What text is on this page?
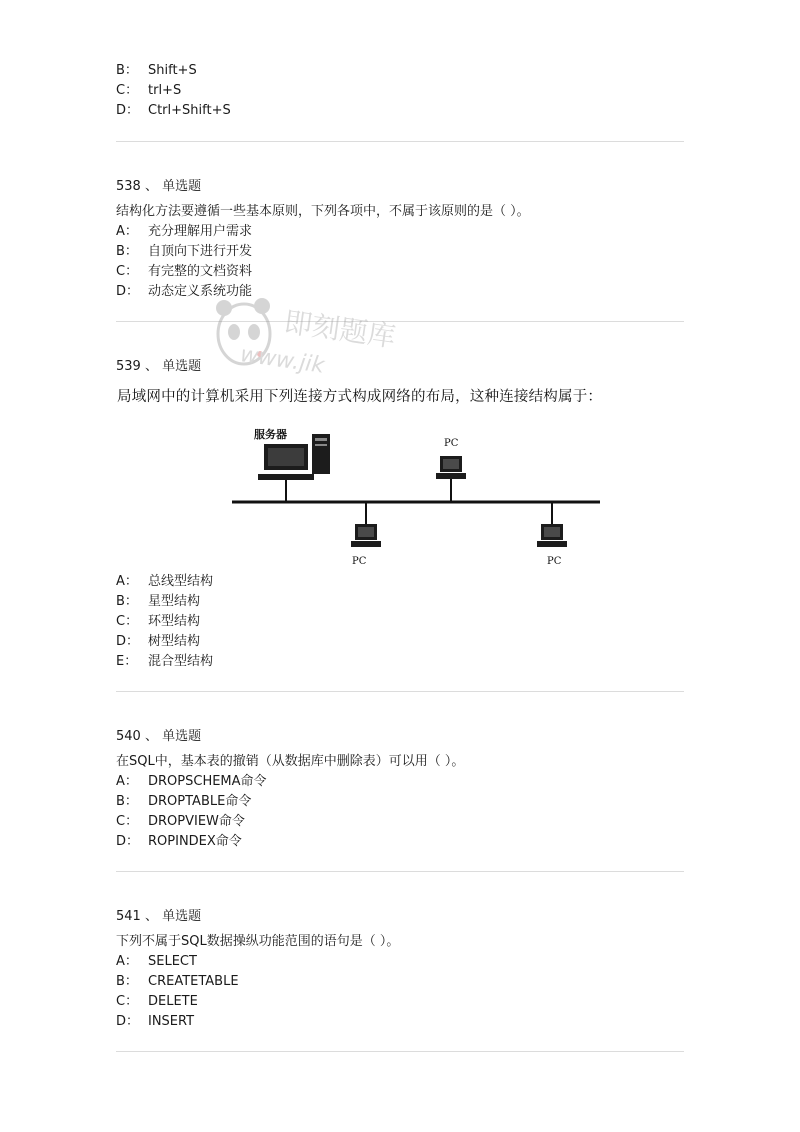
B： Shift+S
C： trl+S
D： Ctrl+Shift+S
538 、 单选题
结构化方法要遵循一些基本原则，下列各项中，不属于该原则的是（ ）。
A： 充分理解用户需求
B： 自顶向下进行开发
C： 有完整的文档资料
D： 动态定义系统功能
539 、 单选题
局域网中的计算机采用下列连接方式构成网络的布局，这种连接结构属于：
服务器
PC
PC	PC
A： 总线型结构
B： 星型结构
C： 环型结构
D： 树型结构
E： 混合型结构
540 、 单选题
在SQL中，基本表的撤销（从数据库中删除表）可以用（ ）。
A： DROPSCHEMA命令
B： DROPTABLE命令
C： DROPVIEW命令
D： ROPINDEX命令
541 、 单选题
下列不属于SQL数据操纵功能范围的语句是（ ）。
A： SELECT
B： CREATETABLE
C： DELETE
D： INSERT
即刻题库
www.jik
